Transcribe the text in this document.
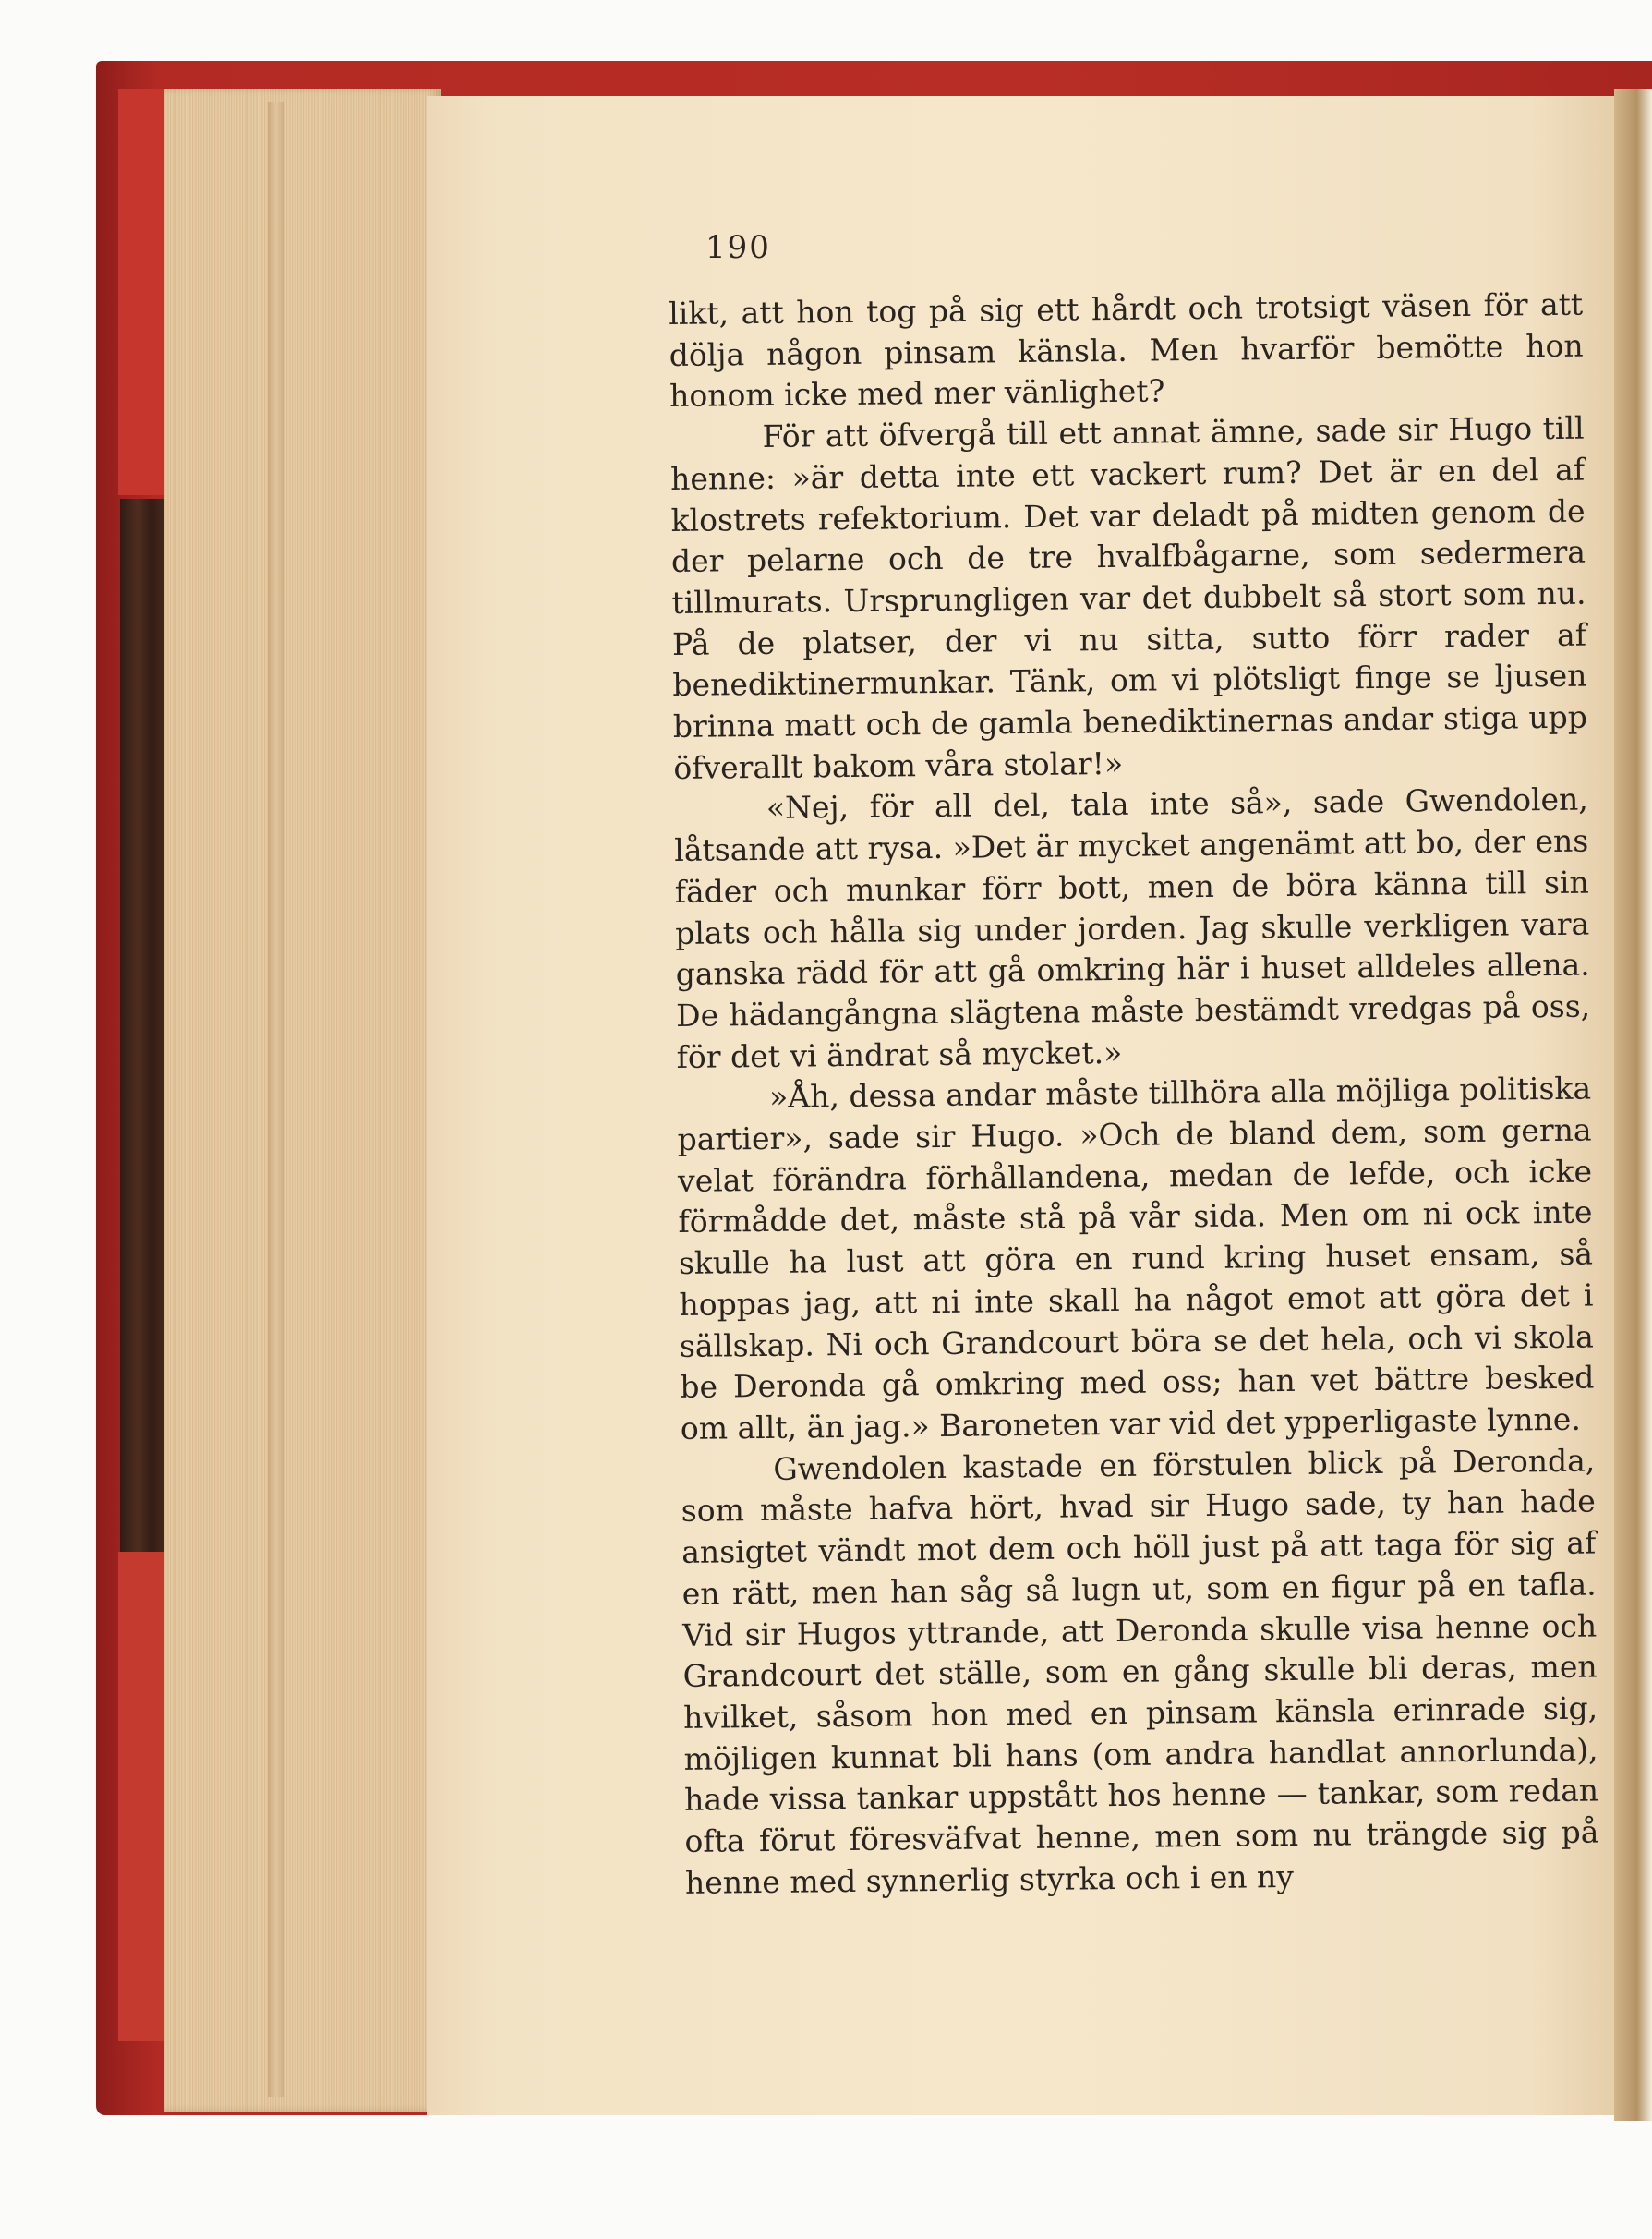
190

likt, att hon tog på sig ett hårdt och trotsigt väsen för att dölja någon pinsam känsla. Men hvarför bemötte hon honom icke med mer vänlighet?

För att öfvergå till ett annat ämne, sade sir Hugo till henne: »är detta inte ett vackert rum? Det är en del af klostrets refektorium. Det var deladt på midten genom de der pelarne och de tre hvalfbågarne, som sedermera tillmurats. Ursprungligen var det dubbelt så stort som nu. På de platser, der vi nu sitta, sutto förr rader af benediktinermunkar. Tänk, om vi plötsligt finge se ljusen brinna matt och de gamla benediktinernas andar stiga upp öfverallt bakom våra stolar!»

«Nej, för all del, tala inte så», sade Gwendolen, låtsande att rysa. »Det är mycket angenämt att bo, der ens fäder och munkar förr bott, men de böra känna till sin plats och hålla sig under jorden. Jag skulle verkligen vara ganska rädd för att gå omkring här i huset alldeles allena. De hädangångna slägtena måste bestämdt vredgas på oss, för det vi ändrat så mycket.»

»Åh, dessa andar måste tillhöra alla möjliga politiska partier», sade sir Hugo. »Och de bland dem, som gerna velat förändra förhållandena, medan de lefde, och icke förmådde det, måste stå på vår sida. Men om ni ock inte skulle ha lust att göra en rund kring huset ensam, så hoppas jag, att ni inte skall ha något emot att göra det i sällskap. Ni och Grandcourt böra se det hela, och vi skola be Deronda gå omkring med oss; han vet bättre besked om allt, än jag.» Baroneten var vid det ypperligaste lynne.

Gwendolen kastade en förstulen blick på Deronda, som måste hafva hört, hvad sir Hugo sade, ty han hade ansigtet vändt mot dem och höll just på att taga för sig af en rätt, men han såg så lugn ut, som en figur på en tafla. Vid sir Hugos yttrande, att Deronda skulle visa henne och Grandcourt det ställe, som en gång skulle bli deras, men hvilket, såsom hon med en pinsam känsla erinrade sig, möjligen kunnat bli hans (om andra handlat annorlunda), hade vissa tankar uppstått hos henne — tankar, som redan ofta förut föresväfvat henne, men som nu trängde sig på henne med synnerlig styrka och i en ny
